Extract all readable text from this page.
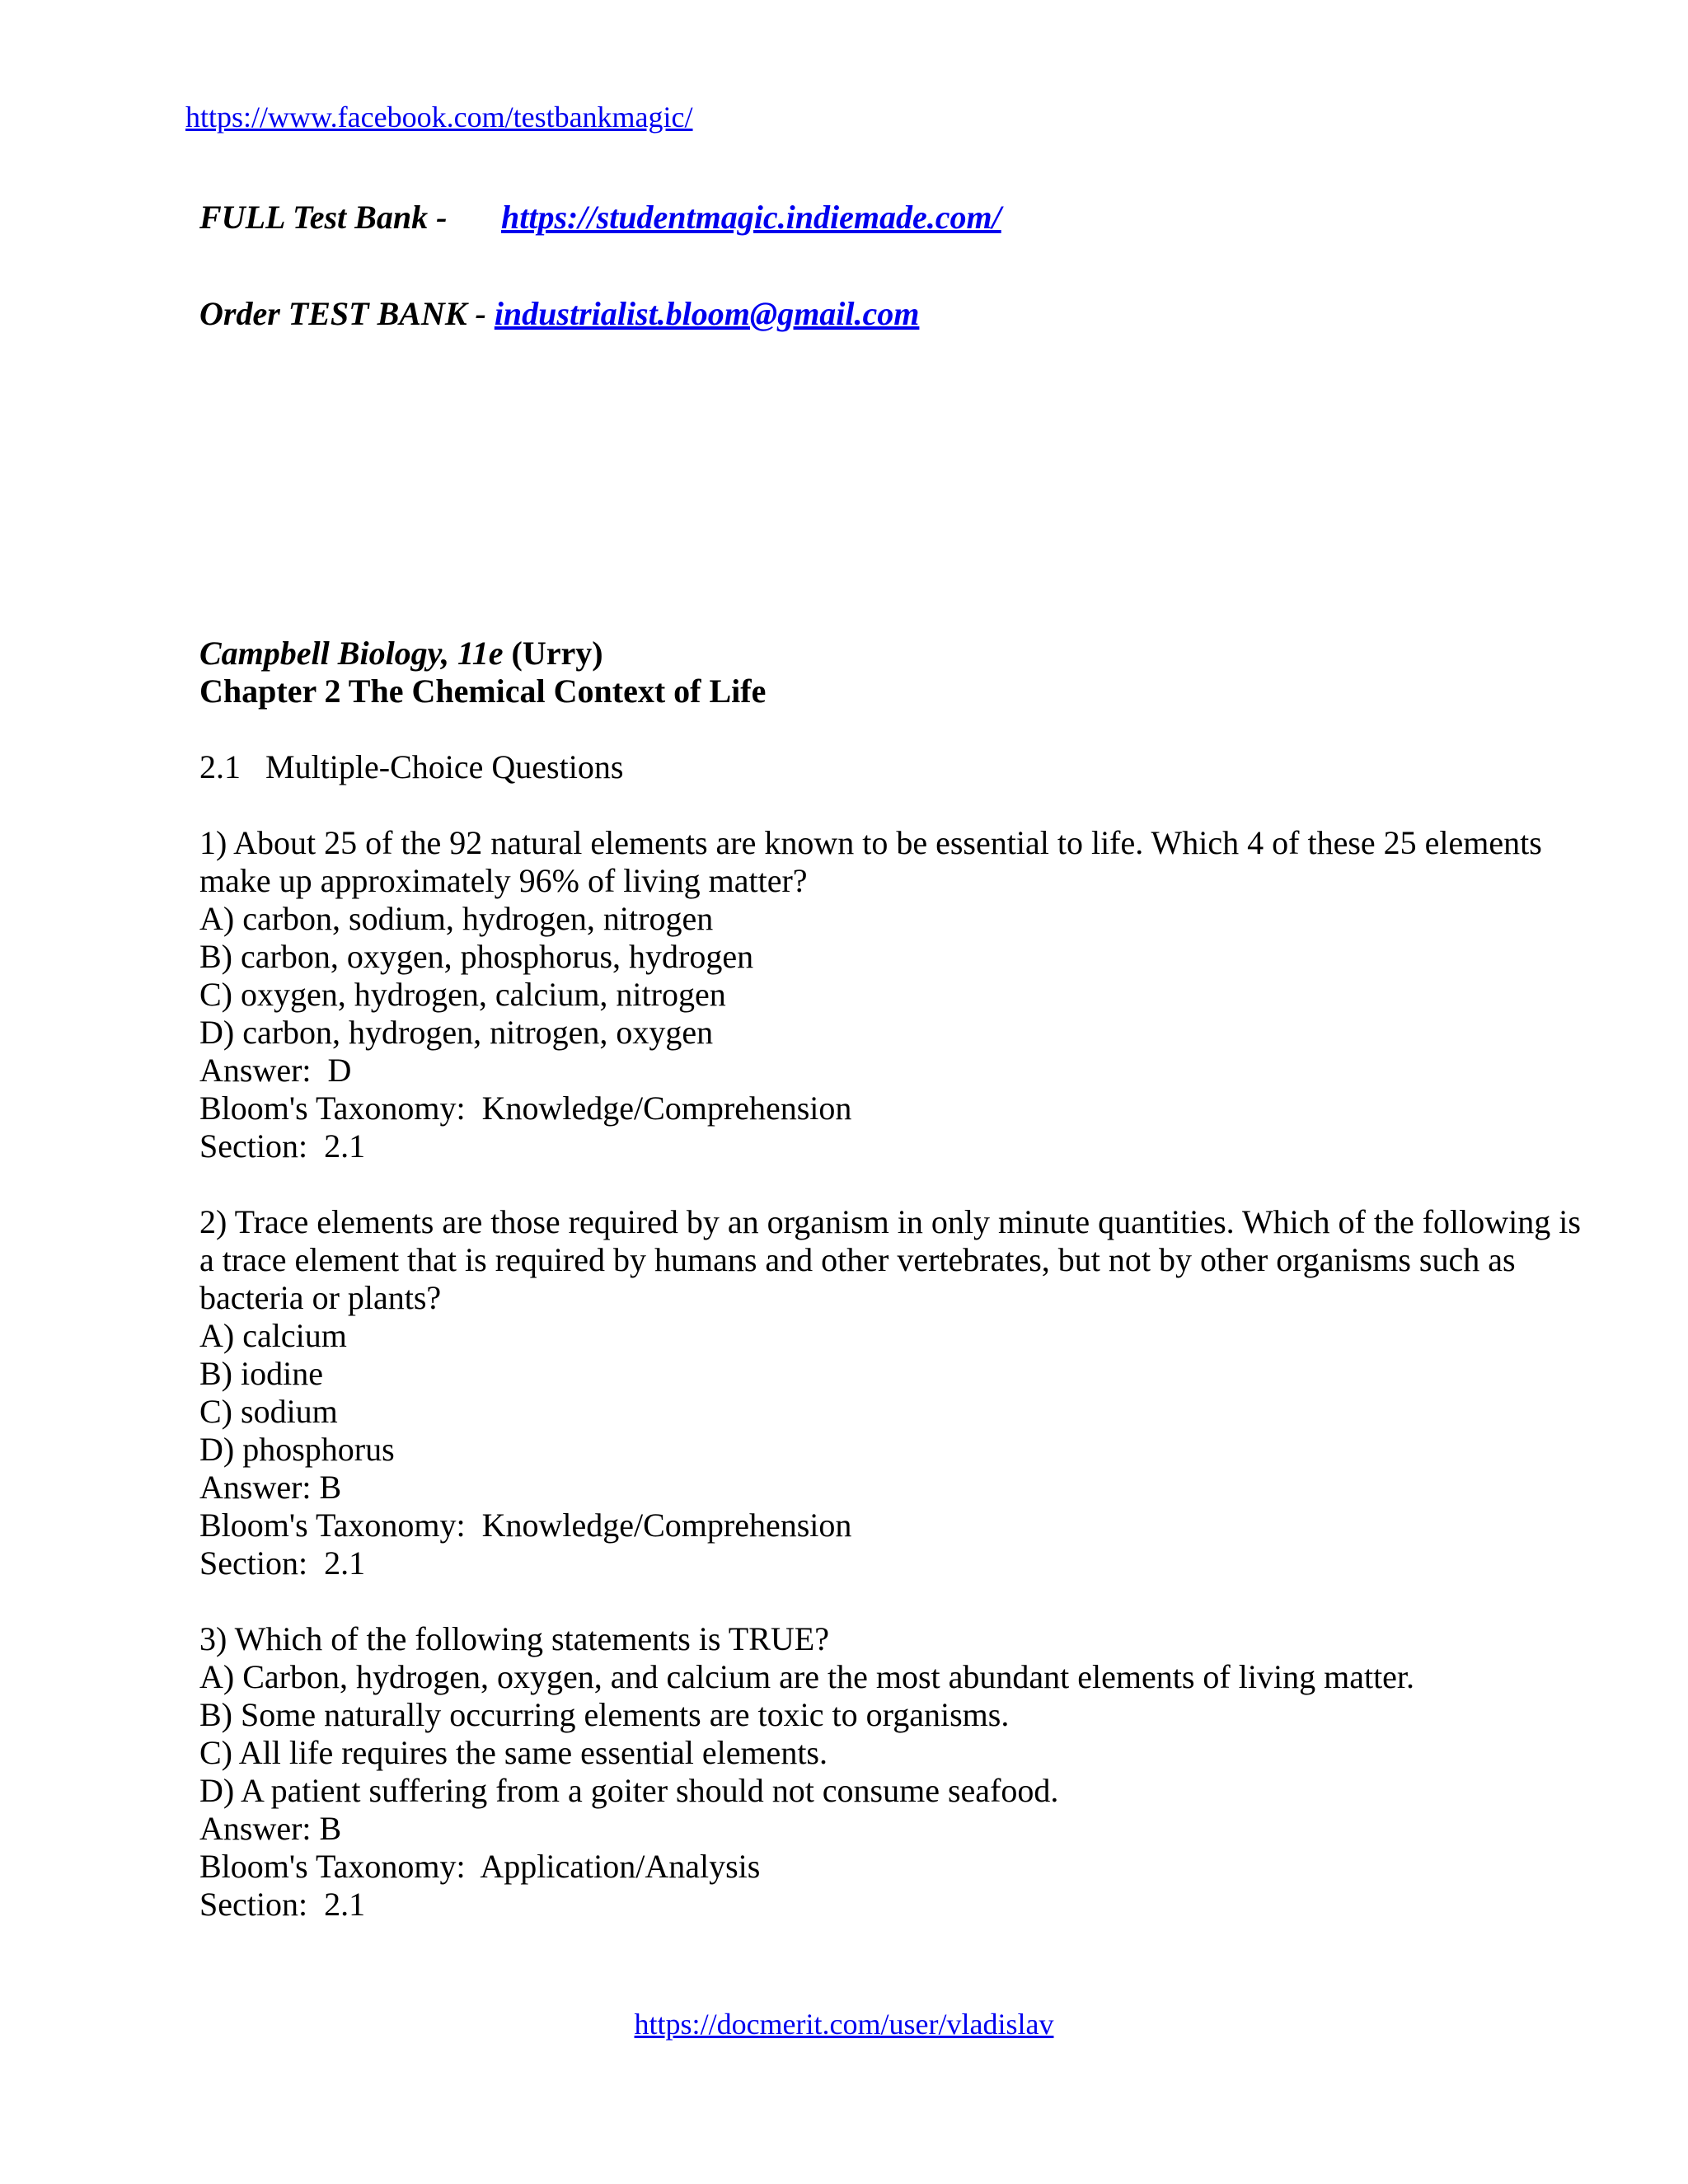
https://www.facebook.com/testbankmagic/
FULL Test Bank -https://studentmagic.indiemade.com/
Order TEST BANK - industrialist.bloom@gmail.com
Campbell Biology, 11e (Urry)
Chapter 2 The Chemical Context of Life
2.1 Multiple-Choice Questions
1) About 25 of the 92 natural elements are known to be essential to life. Which 4 of these 25 elements make up approximately 96% of living matter?
A) carbon, sodium, hydrogen, nitrogen
B) carbon, oxygen, phosphorus, hydrogen
C) oxygen, hydrogen, calcium, nitrogen
D) carbon, hydrogen, nitrogen, oxygen
Answer:  D
Bloom's Taxonomy:  Knowledge/Comprehension
Section:  2.1
2) Trace elements are those required by an organism in only minute quantities. Which of the following is a trace element that is required by humans and other vertebrates, but not by other organisms such as bacteria or plants?
A) calcium
B) iodine
C) sodium
D) phosphorus
Answer: B
Bloom's Taxonomy:  Knowledge/Comprehension
Section:  2.1
3) Which of the following statements is TRUE?
A) Carbon, hydrogen, oxygen, and calcium are the most abundant elements of living matter.
B) Some naturally occurring elements are toxic to organisms.
C) All life requires the same essential elements.
D) A patient suffering from a goiter should not consume seafood.
Answer: B
Bloom's Taxonomy:  Application/Analysis
Section:  2.1
https://docmerit.com/user/vladislav
